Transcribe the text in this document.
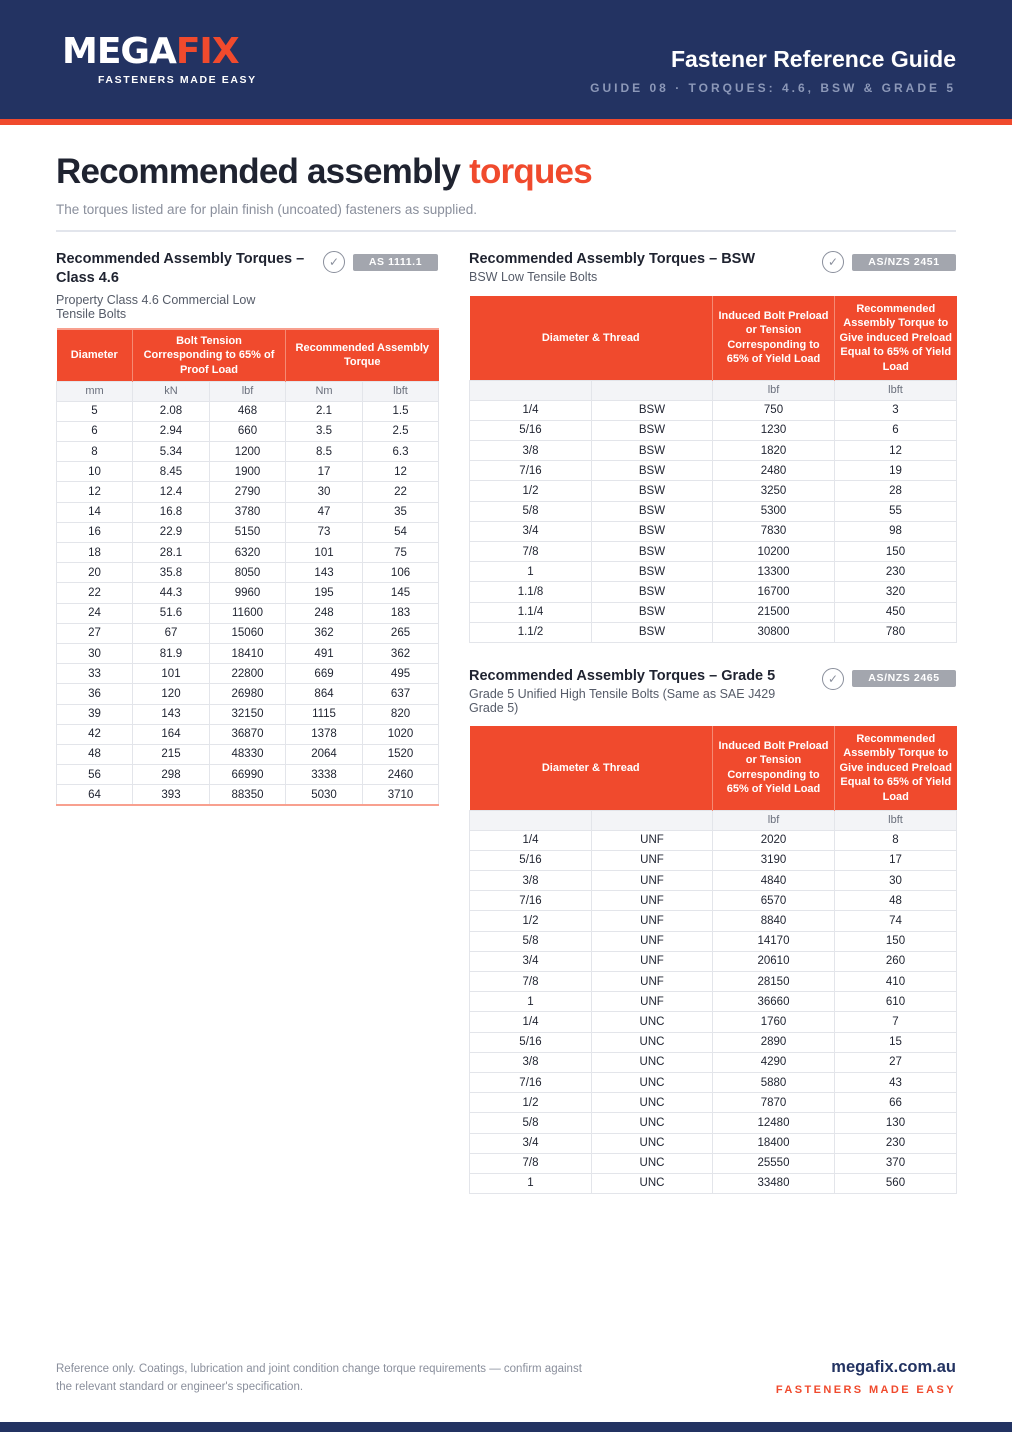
MEGAFIX
FASTENERS MADE EASY
Fastener Reference Guide
GUIDE 08 · TORQUES: 4.6, BSW & GRADE 5
Recommended assembly torques
The torques listed are for plain finish (uncoated) fasteners as supplied.
Recommended Assembly Torques – Class 4.6
Property Class 4.6 Commercial Low Tensile Bolts
✓	AS 1111.1
Diameter	Bolt Tension Corresponding to 65% of Proof Load		Recommended Assembly Torque	
mm	kN	lbf	Nm	lbft
5	2.08	468	2.1	1.5
6	2.94	660	3.5	2.5
8	5.34	1200	8.5	6.3
10	8.45	1900	17	12
12	12.4	2790	30	22
14	16.8	3780	47	35
16	22.9	5150	73	54
18	28.1	6320	101	75
20	35.8	8050	143	106
22	44.3	9960	195	145
24	51.6	11600	248	183
27	67	15060	362	265
30	81.9	18410	491	362
33	101	22800	669	495
36	120	26980	864	637
39	143	32150	1115	820
42	164	36870	1378	1020
48	215	48330	2064	1520
56	298	66990	3338	2460
64	393	88350	5030	3710
Recommended Assembly Torques – BSW
BSW Low Tensile Bolts
✓	AS/NZS 2451
Diameter & Thread		Induced Bolt Preload or Tension Corresponding to 65% of Yield Load	Recommended Assembly Torque to Give induced Preload Equal to 65% of Yield Load
		lbf	lbft
1/4	BSW	750	3
5/16	BSW	1230	6
3/8	BSW	1820	12
7/16	BSW	2480	19
1/2	BSW	3250	28
5/8	BSW	5300	55
3/4	BSW	7830	98
7/8	BSW	10200	150
1	BSW	13300	230
1.1/8	BSW	16700	320
1.1/4	BSW	21500	450
1.1/2	BSW	30800	780
Recommended Assembly Torques – Grade 5
Grade 5 Unified High Tensile Bolts (Same as SAE J429 Grade 5)
✓	AS/NZS 2465
Diameter & Thread		Induced Bolt Preload or Tension Corresponding to 65% of Yield Load	Recommended Assembly Torque to Give induced Preload Equal to 65% of Yield Load
		lbf	lbft
1/4	UNF	2020	8
5/16	UNF	3190	17
3/8	UNF	4840	30
7/16	UNF	6570	48
1/2	UNF	8840	74
5/8	UNF	14170	150
3/4	UNF	20610	260
7/8	UNF	28150	410
1	UNF	36660	610
1/4	UNC	1760	7
5/16	UNC	2890	15
3/8	UNC	4290	27
7/16	UNC	5880	43
1/2	UNC	7870	66
5/8	UNC	12480	130
3/4	UNC	18400	230
7/8	UNC	25550	370
1	UNC	33480	560
Reference only. Coatings, lubrication and joint condition change torque requirements — confirm against the relevant standard or engineer's specification.
megafix.com.au
FASTENERS MADE EASY
